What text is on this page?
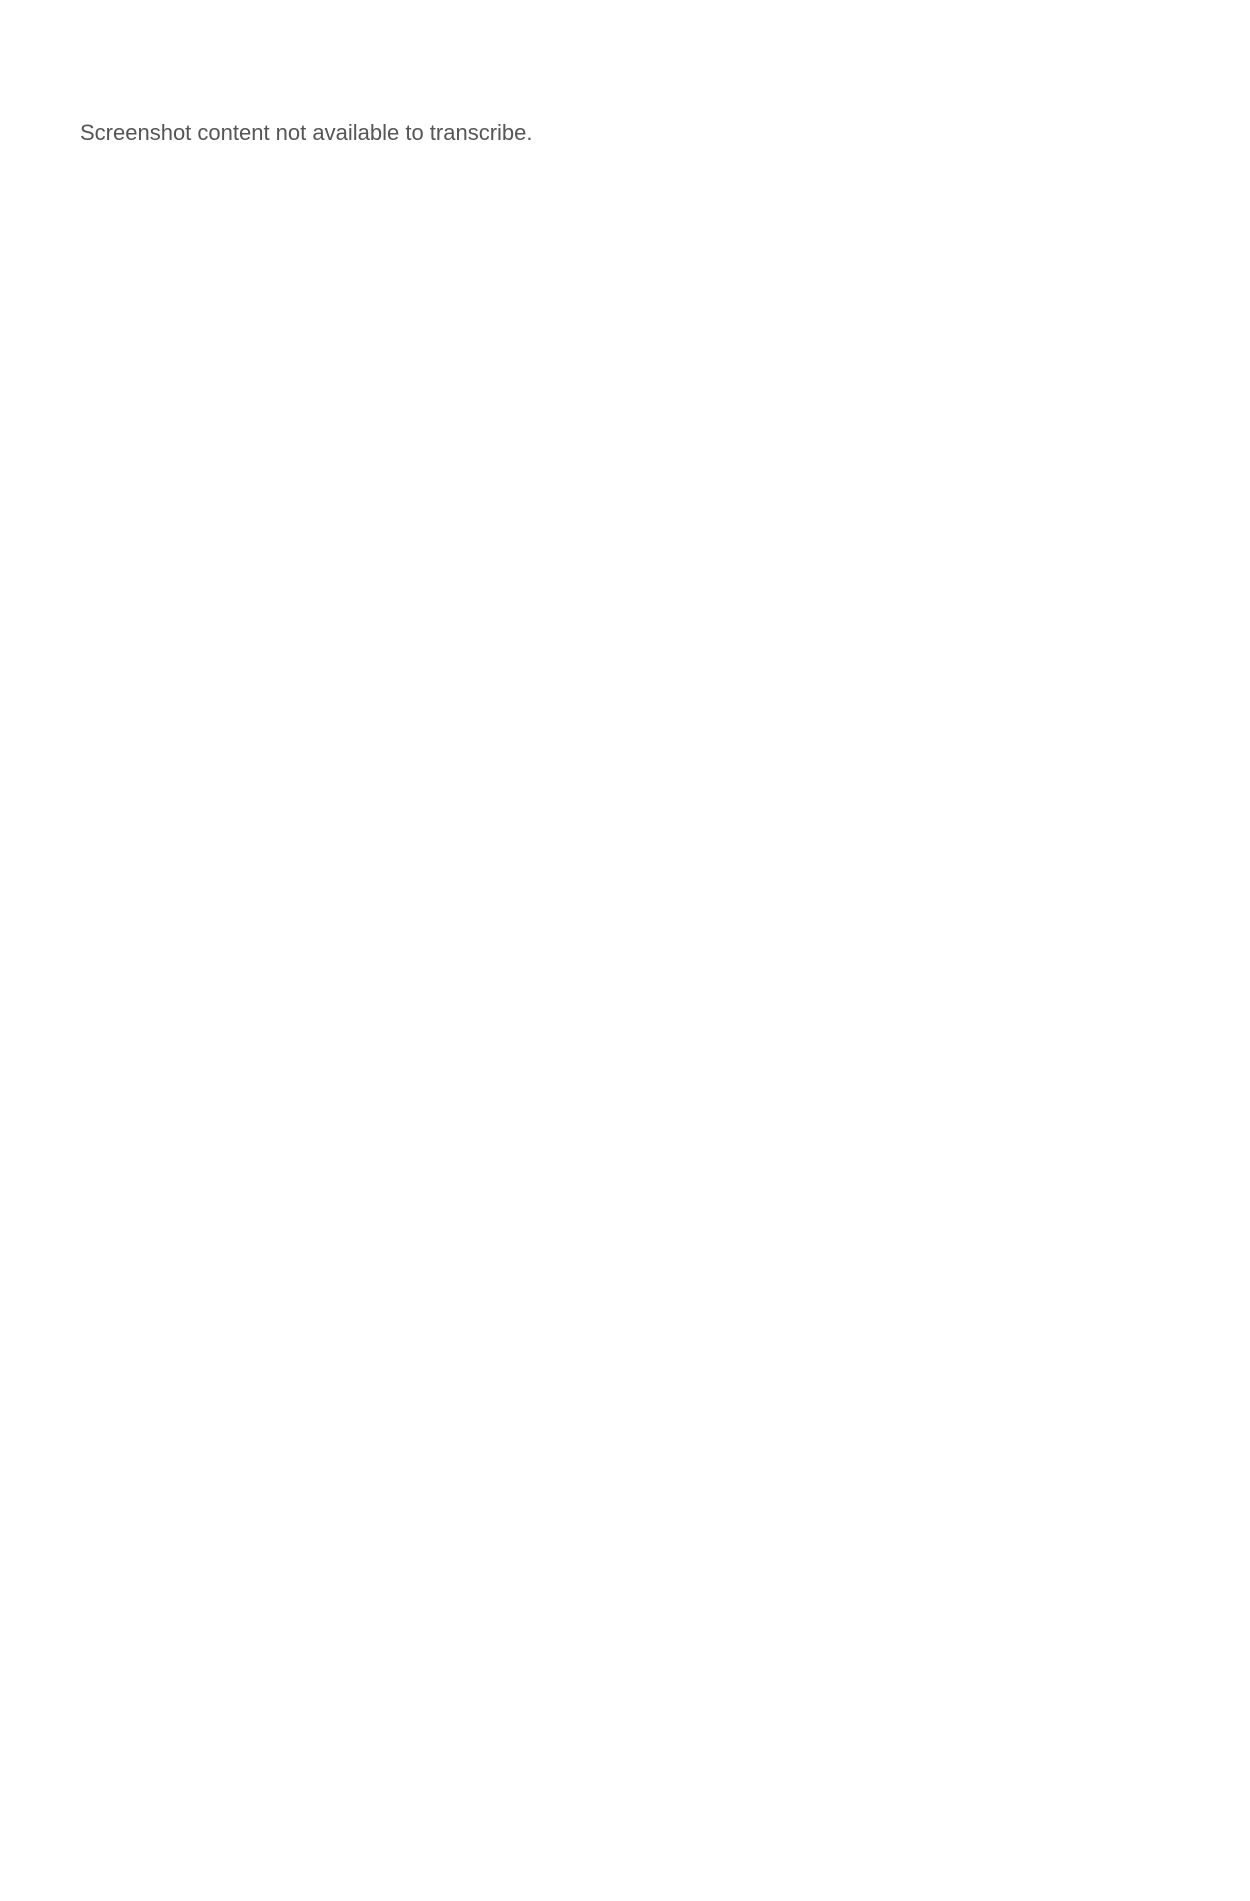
Screenshot content not available to transcribe.
